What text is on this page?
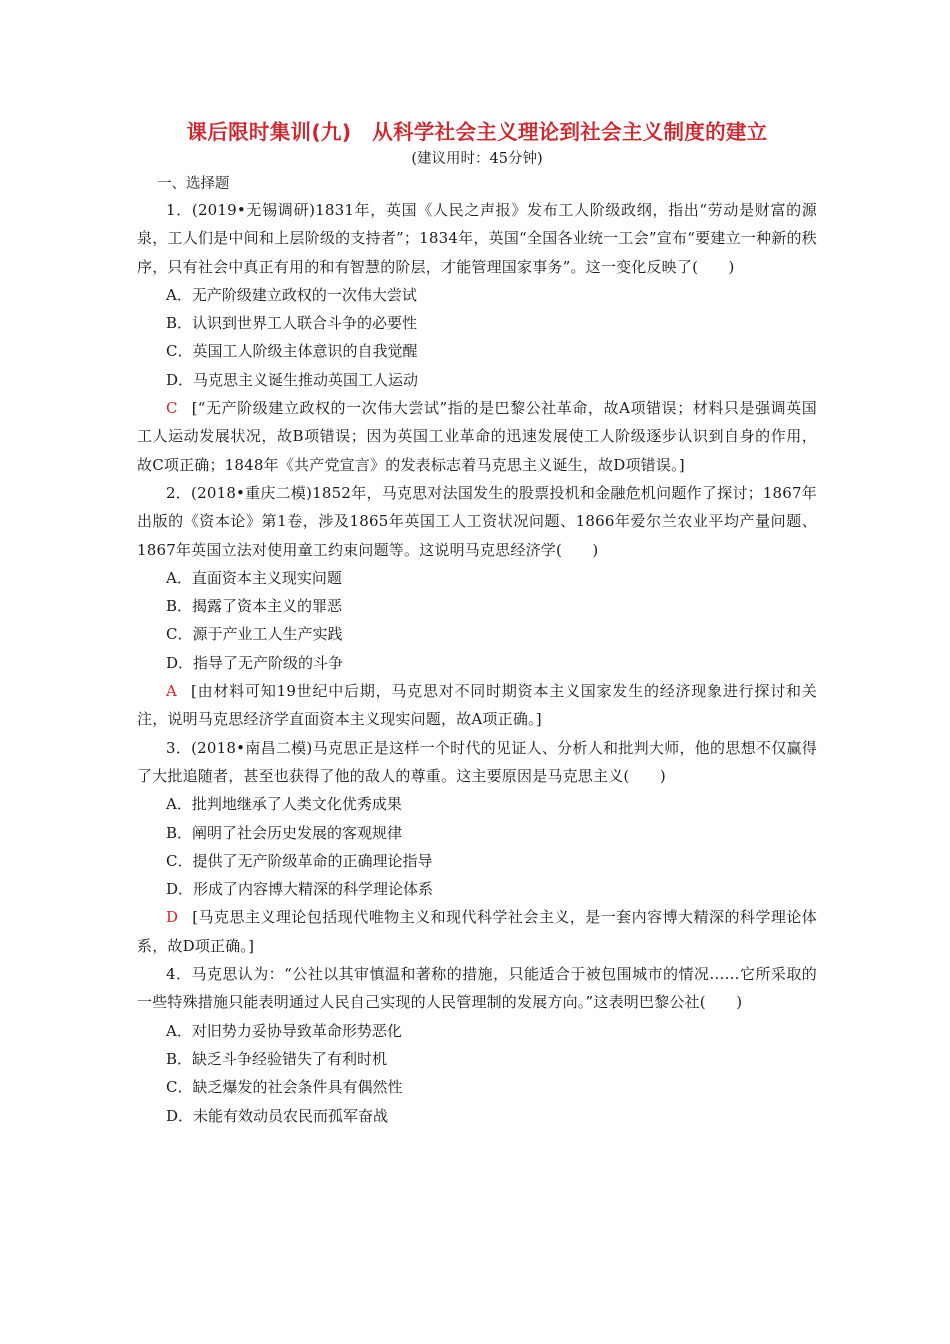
课后限时集训(九)　从科学社会主义理论到社会主义制度的建立
(建议用时：45分钟)
一、选择题

1．(2019•无锡调研)1831年，英国《人民之声报》发布工人阶级政纲，指出“劳动是财富的源泉，工人们是中间和上层阶级的支持者”；1834年，英国“全国各业统一工会”宣布“要建立一种新的秩序，只有社会中真正有用的和有智慧的阶层，才能管理国家事务”。这一变化反映了(　　)

A．无产阶级建立政权的一次伟大尝试

B．认识到世界工人联合斗争的必要性

C．英国工人阶级主体意识的自我觉醒

D．马克思主义诞生推动英国工人运动

C [“无产阶级建立政权的一次伟大尝试”指的是巴黎公社革命，故A项错误；材料只是强调英国工人运动发展状况，故B项错误；因为英国工业革命的迅速发展使工人阶级逐步认识到自身的作用，故C项正确；1848年《共产党宣言》的发表标志着马克思主义诞生，故D项错误。]

2．(2018•重庆二模)1852年，马克思对法国发生的股票投机和金融危机问题作了探讨；1867年出版的《资本论》第1卷，涉及1865年英国工人工资状况问题、1866年爱尔兰农业平均产量问题、1867年英国立法对使用童工约束问题等。这说明马克思经济学(　　)

A．直面资本主义现实问题

B．揭露了资本主义的罪恶

C．源于产业工人生产实践

D．指导了无产阶级的斗争

A [由材料可知19世纪中后期，马克思对不同时期资本主义国家发生的经济现象进行探讨和关注，说明马克思经济学直面资本主义现实问题，故A项正确。]

3．(2018•南昌二模)马克思正是这样一个时代的见证人、分析人和批判大师，他的思想不仅赢得了大批追随者，甚至也获得了他的敌人的尊重。这主要原因是马克思主义(　　)

A．批判地继承了人类文化优秀成果

B．阐明了社会历史发展的客观规律

C．提供了无产阶级革命的正确理论指导

D．形成了内容博大精深的科学理论体系

D [马克思主义理论包括现代唯物主义和现代科学社会主义，是一套内容博大精深的科学理论体系，故D项正确。]

4．马克思认为：“公社以其审慎温和著称的措施，只能适合于被包围城市的情况……它所采取的一些特殊措施只能表明通过人民自己实现的人民管理制的发展方向。”这表明巴黎公社(　　)

A．对旧势力妥协导致革命形势恶化

B．缺乏斗争经验错失了有利时机

C．缺乏爆发的社会条件具有偶然性

D．未能有效动员农民而孤军奋战
